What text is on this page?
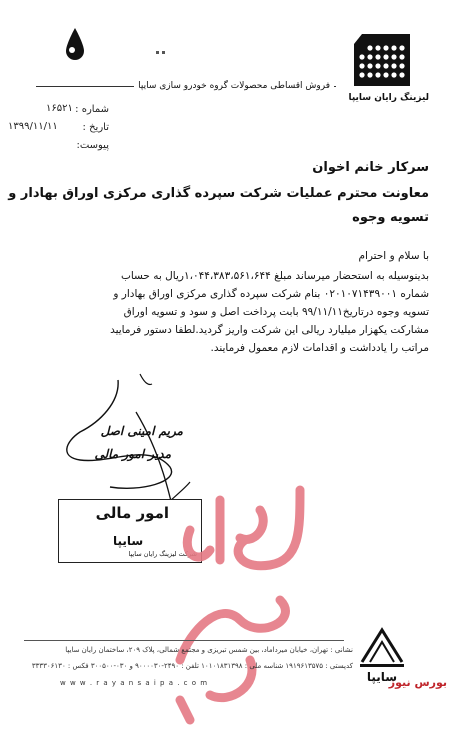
لیزینگ رایان سایپا
فروش اقساطی محصولات گروه خودرو سازی سایپا
شماره :
۱۶۵۲۱
تاریخ :
۱۳۹۹/۱۱/۱۱
پیوست:
سرکار خانم اخوان
معاونت محترم عملیات شرکت سپرده گذاری مرکزی اوراق بهادار و
تسویه وجوه
با سلام و احترام
بدینوسیله به استحضار میرساند مبلغ ۱،۰۴۴،۳۸۳،۵۶۱،۶۴۴ریال به حساب
شماره ۰۲۰۱۰۷۱۴۳۹۰۰۱ بنام شرکت سپرده گذاری مرکزی اوراق بهادار و
تسویه وجوه درتاریخ۹۹/۱۱/۱۱ بابت پرداخت اصل و سود و تسویه اوراق
مشارکت یکهزار میلیارد ریالی این شرکت واریز گردید.لطفا دستور فرمایید
مراتب را یادداشت و اقدامات لازم معمول فرمایند.
مریم امینی اصل
مدیر امور مالی
امور مالی
سایپا
شرکت لیزینگ رایان سایپا
نشانی : تهران، خیابان میرداماد، بین شمس تبریزی و مجتمع شمالی، پلاک ۲۰۹، ساختمان رایان سایپا
کدپستی : ۱۹۱۹۶۱۳۵۷۵ شناسه ملی : ۱۰۱۰۱۸۳۱۳۹۸ تلفن : ۲۴۹۰-۹۰۰۰۰۳۰ و ۰۳۰-۳۰۰۵۰۰ فکس : ۳۳۳۳۰۶۱۳۰
w w w . r a y a n s a i p a . c o m	سایپا
بورس نیوز
